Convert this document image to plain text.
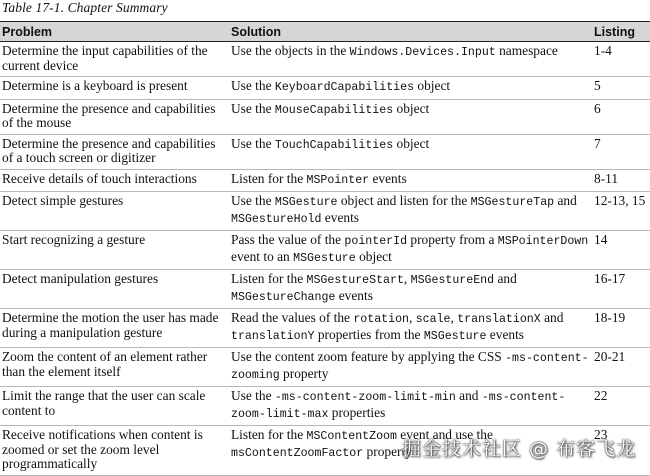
Table 17-1. Chapter Summary
Problem	Solution	Listing
Determine the input capabilities of the current device	Use the objects in the Windows.Devices.Input namespace	1-4
Determine is a keyboard is present	Use the KeyboardCapabilities object	5
Determine the presence and capabilities of the mouse	Use the MouseCapabilities object	6
Determine the presence and capabilities of a touch screen or digitizer	Use the TouchCapabilities object	7
Receive details of touch interactions	Listen for the MSPointer events	8-11
Detect simple gestures	Use the MSGesture object and listen for the MSGestureTap and MSGestureHold events	12-13, 15
Start recognizing a gesture	Pass the value of the pointerId property from a MSPointerDown event to an MSGesture object	14
Detect manipulation gestures	Listen for the MSGestureStart, MSGestureEnd and MSGestureChange events	16-17
Determine the motion the user has made during a manipulation gesture	Read the values of the rotation, scale, translationX and translationY properties from the MSGesture events	18-19
Zoom the content of an element rather than the element itself	Use the content zoom feature by applying the CSS -ms-content-zooming property	20-21
Limit the range that the user can scale content to	Use the -ms-content-zoom-limit-min and -ms-content-zoom-limit-max properties	22
Receive notifications when content is zoomed or set the zoom level programmatically	Listen for the MSContentZoom event and use the msContentZoomFactor property	23
掘金技术社区 @ 布客飞龙
